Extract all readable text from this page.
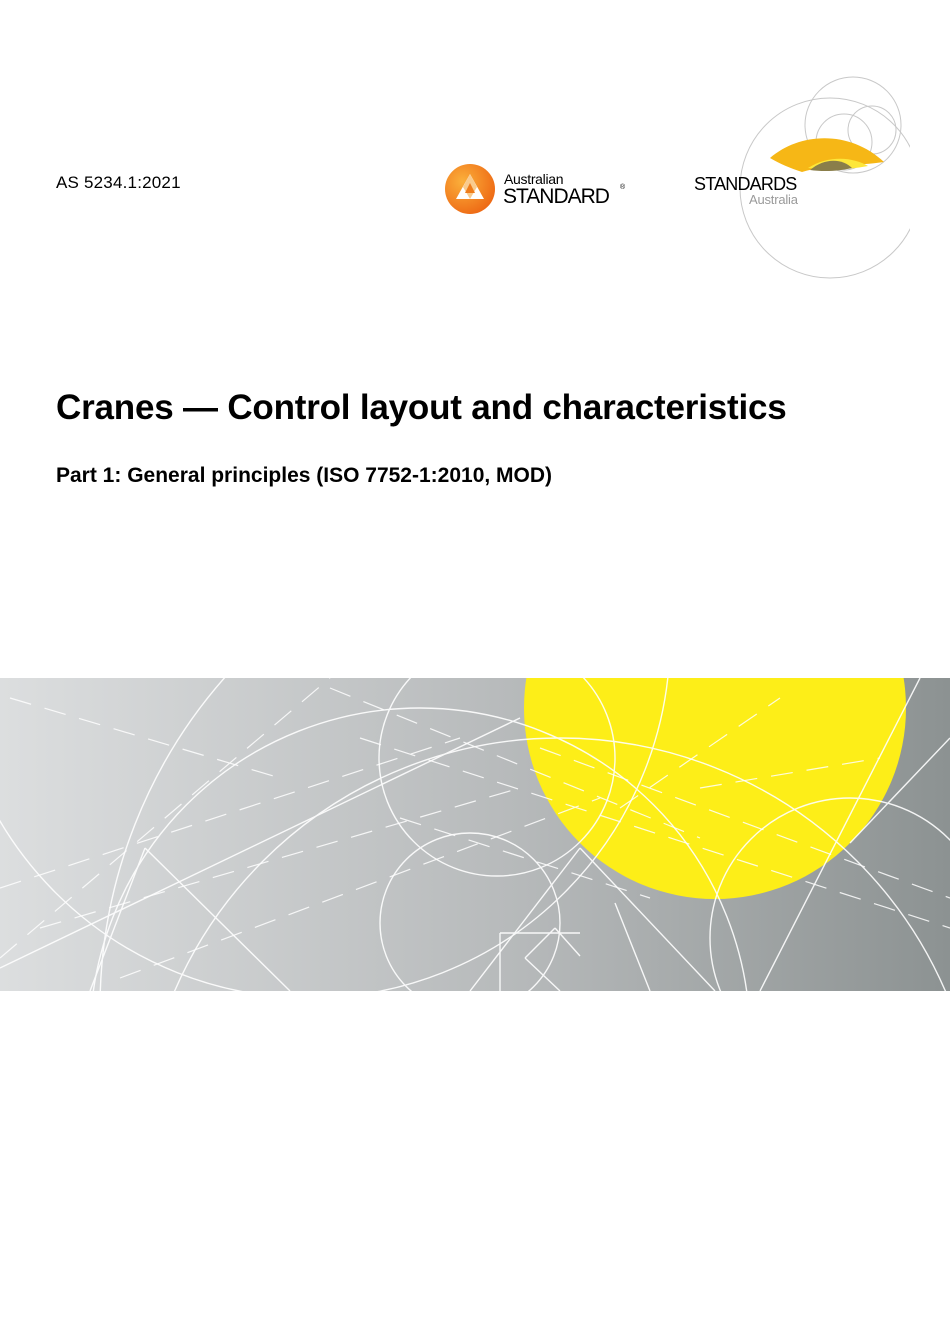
AS 5234.1:2021	Australian
STANDARD ®	STANDARDS
Australia
Cranes — Control layout and characteristics
Part 1: General principles (ISO 7752-1:2010, MOD)
